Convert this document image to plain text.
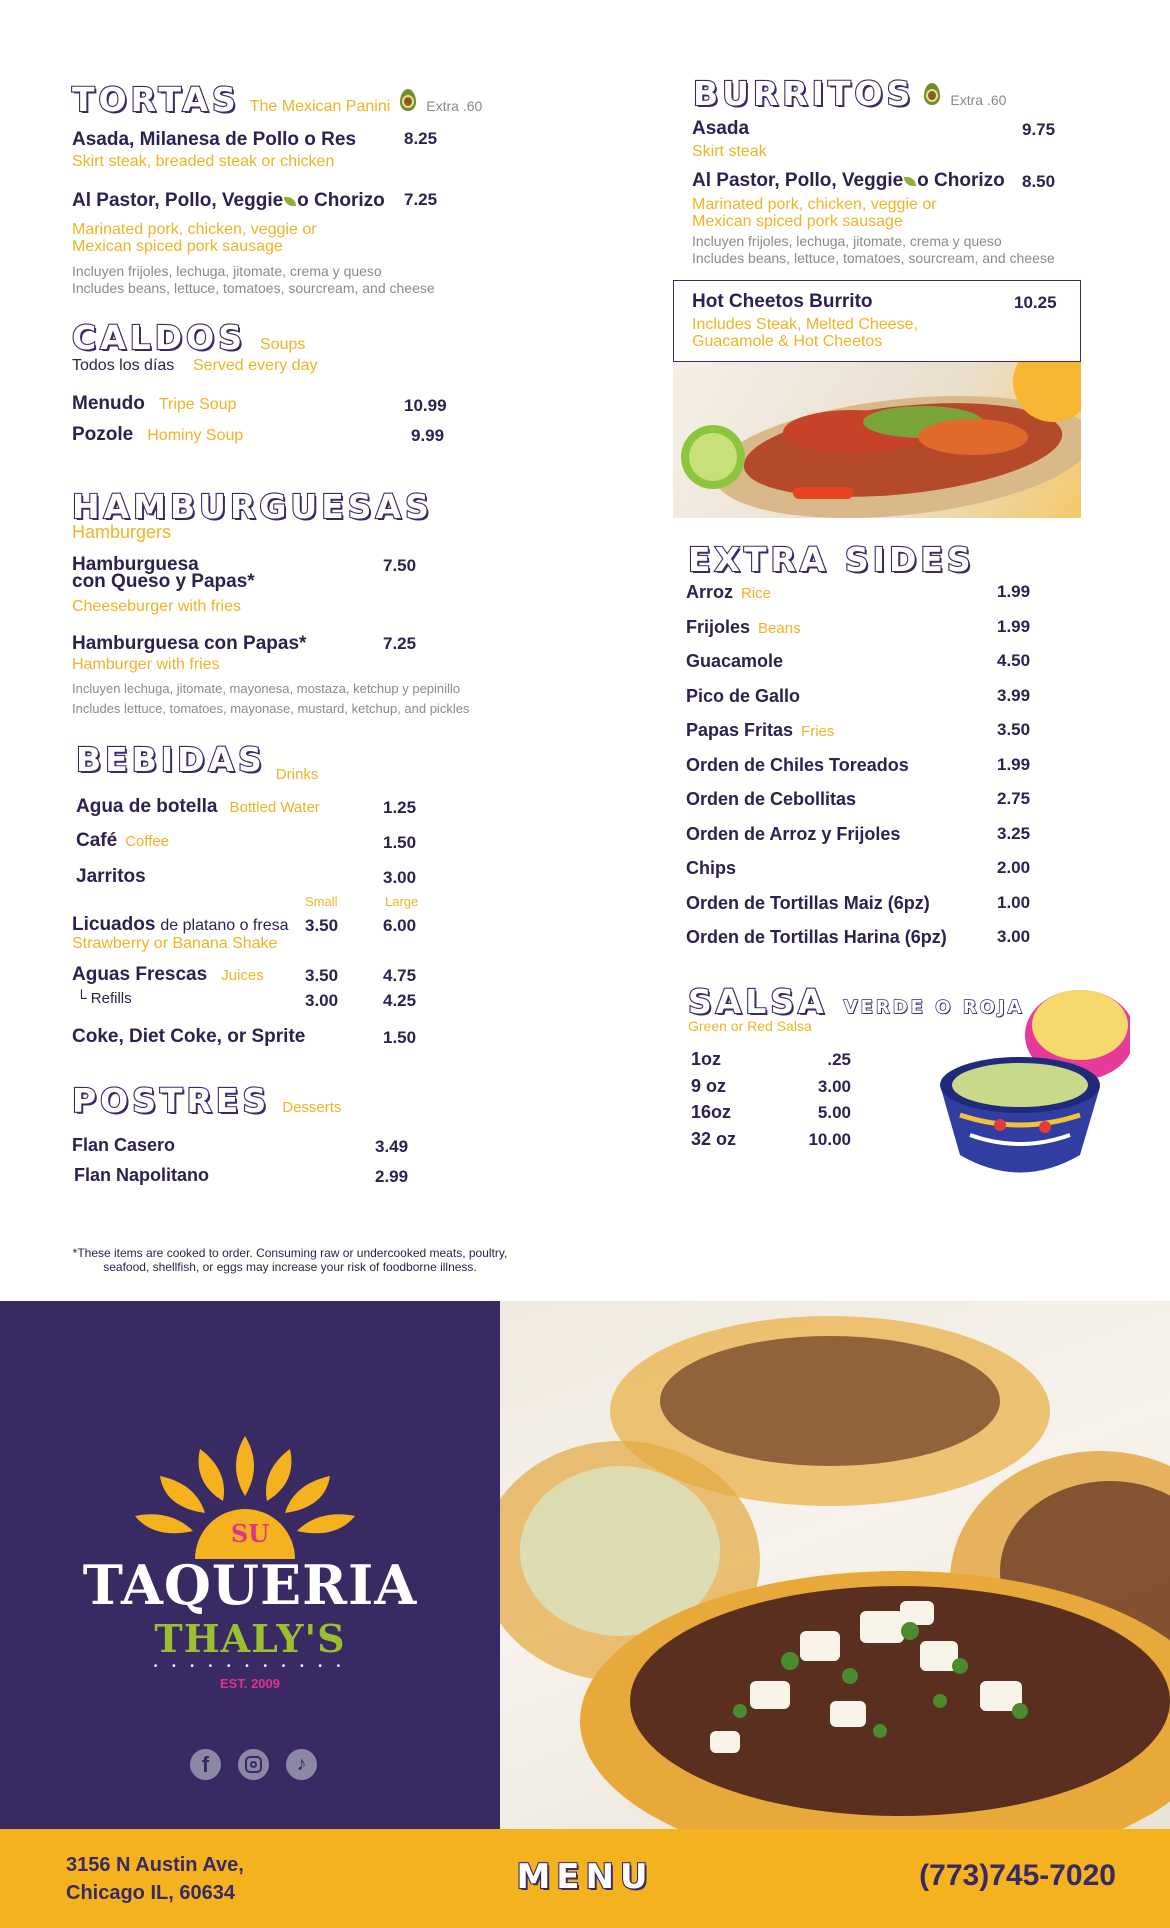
TORTAS The Mexican Panini	Extra .60
Asada, Milanesa de Pollo o Res	8.25
Skirt steak, breaded steak or chicken
Al Pastor, Pollo, Veggie o Chorizo 7.25
Marinated pork, chicken, veggie or
Mexican spiced pork sausage
Incluyen frijoles, lechuga, jitomate, crema y queso
Includes beans, lettuce, tomatoes, sourcream, and cheese
CALDOS Soups
Todos los días Served every day
Menudo Tripe Soup	10.99
Pozole Hominy Soup	9.99
HAMBURGUESAS
Hamburgers
Hamburguesa
con Queso y Papas*
7.50
Cheeseburger with fries
Hamburguesa con Papas*	7.25
Hamburger with fries
Incluyen lechuga, jitomate, mayonesa, mostaza, ketchup y pepinillo
Includes lettuce, tomatoes, mayonase, mustard, ketchup, and pickles
BEBIDAS Drinks
Agua de botella Bottled Water	1.25
Café Coffee	1.50
Jarritos	3.00
Small	Large
Licuados de platano o fresa 3.50	6.00
Strawberry or Banana Shake
Aguas Frescas Juices 3.50	4.75
└ Refills	3.00	4.25
Coke, Diet Coke, or Sprite	1.50
POSTRES Desserts
Flan Casero	3.49
Flan Napolitano	2.99
*These items are cooked to order. Consuming raw or undercooked meats, poultry,
seafood, shellfish, or eggs may increase your risk of foodborne illness.
BURRITOS	Extra .60
Asada	9.75
Skirt steak
Al Pastor, Pollo, Veggie o Chorizo 8.50
Marinated pork, chicken, veggie or
Mexican spiced pork sausage
Incluyen frijoles, lechuga, jitomate, crema y queso
Includes beans, lettuce, tomatoes, sourcream, and cheese
Hot Cheetos Burrito	10.25
Includes Steak, Melted Cheese,
Guacamole & Hot Cheetos
EXTRA SIDES
Arroz Rice	1.99
Frijoles Beans	1.99
Guacamole	4.50
Pico de Gallo	3.99
Papas Fritas Fries	3.50
Orden de Chiles Toreados	1.99
Orden de Cebollitas	2.75
Orden de Arroz y Frijoles	3.25
Chips	2.00
Orden de Tortillas Maiz (6pz)	1.00
Orden de Tortillas Harina (6pz)	3.00
SALSA VERDE O ROJA
Green or Red Salsa
1oz	.25
9 oz	3.00
16oz	5.00
32 oz	10.00
SU
TAQUERIA
THALY'S
EST. 2009
• • • • • • • • • • •
f	♪
3156 N Austin Ave,
Chicago IL, 60634	MENU	(773)745-7020
